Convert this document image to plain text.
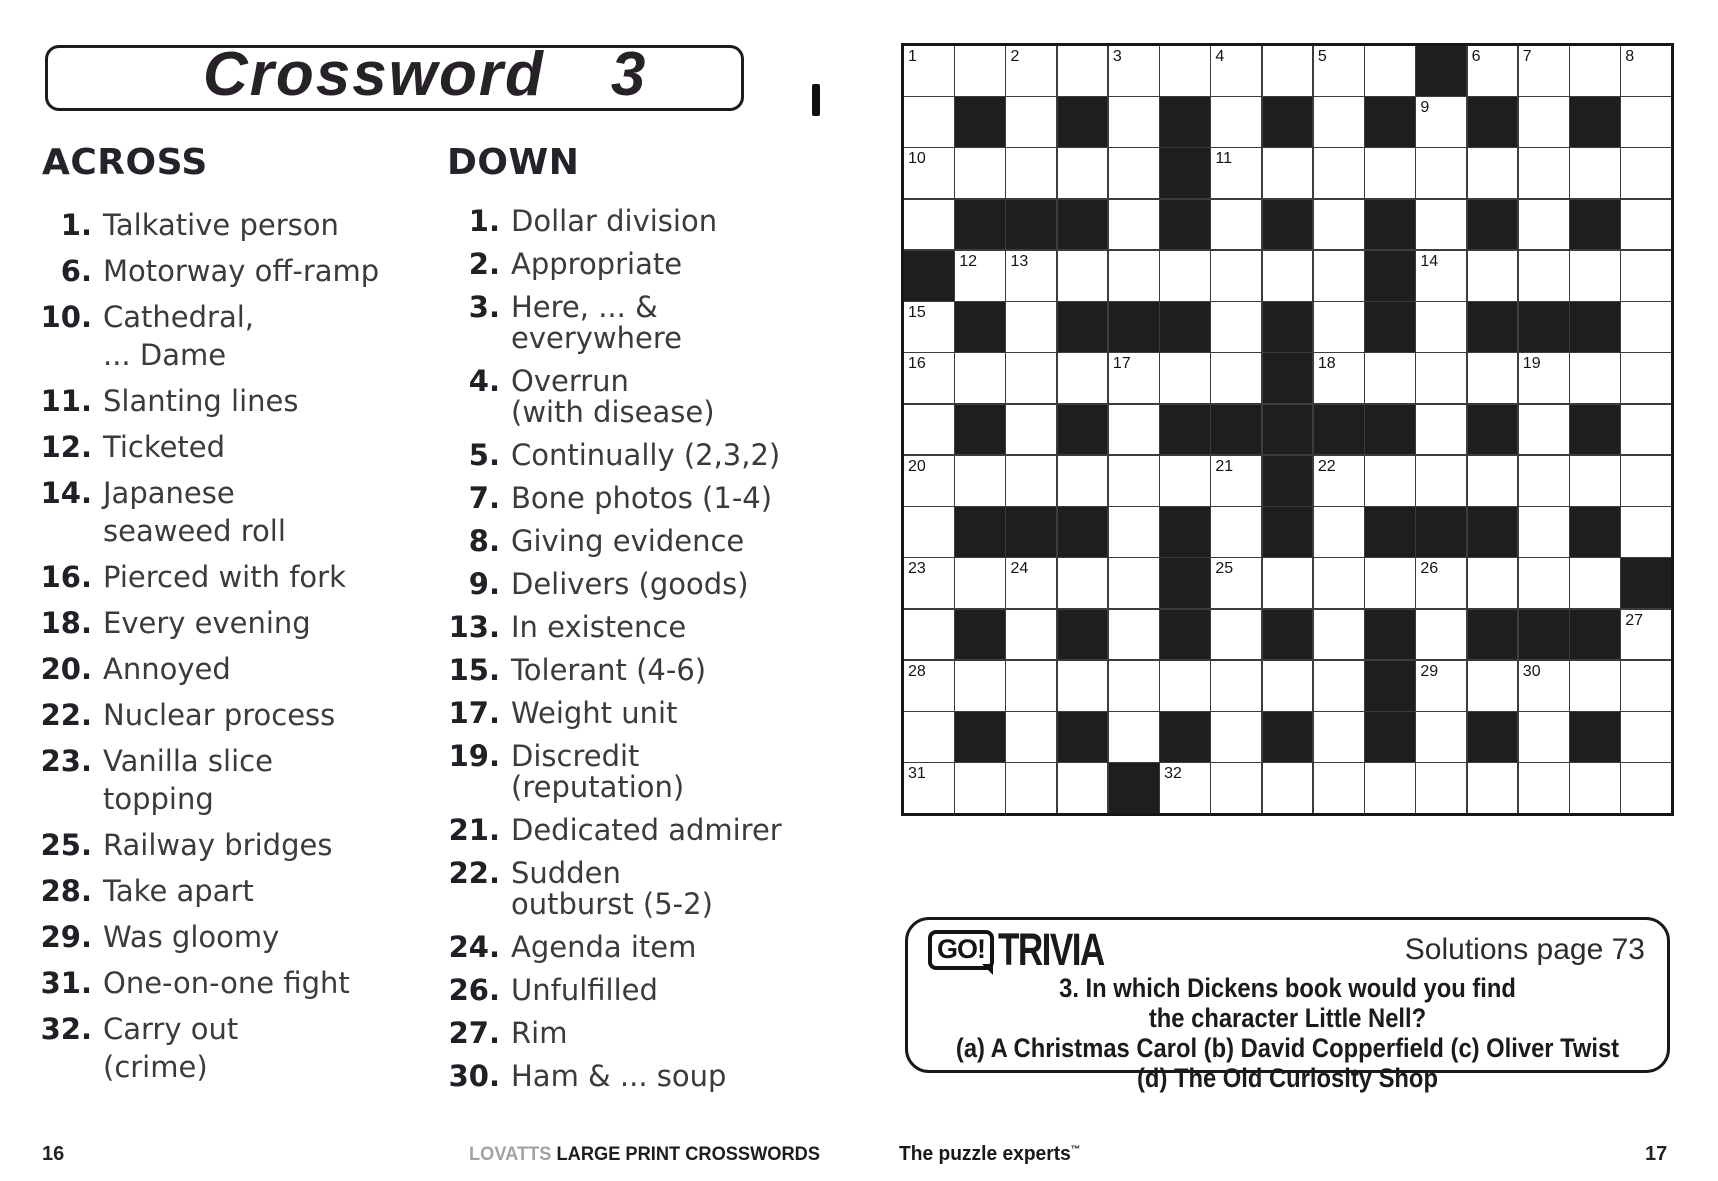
Crossword 3
ACROSS	DOWN
1. Talkative person
6. Motorway off-ramp
10. Cathedral,
... Dame
11. Slanting lines
12. Ticketed
14. Japanese
seaweed roll
16. Pierced with fork
18. Every evening
20. Annoyed
22. Nuclear process
23. Vanilla slice
topping
25. Railway bridges
28. Take apart
29. Was gloomy
31. One-on-one fight
32. Carry out
(crime)
1. Dollar division
2. Appropriate
3. Here, ... &
everywhere
4. Overrun
(with disease)
5. Continually (2,3,2)
7. Bone photos (1-4)
8. Giving evidence
9. Delivers (goods)
13. In existence
15. Tolerant (4-6)
17. Weight unit
19. Discredit
(reputation)
21. Dedicated admirer
22. Sudden
outburst (5-2)
24. Agenda item
26. Unfulfilled
27. Rim
30. Ham & ... soup
1	2	3	4	5	6	7	8
9
10	11
12 13	14
15
16	17	18	19
20	21	22
23	24	25	26
27
28	29	30
31	32
GO! TRIVIA	Solutions page 73
3. In which Dickens book would you find
the character Little Nell?
(a) A Christmas Carol (b) David Copperfield (c) Oliver Twist
(d) The Old Curiosity Shop
16	LOVATTS LARGE PRINT CROSSWORDS	The puzzle experts™	17
